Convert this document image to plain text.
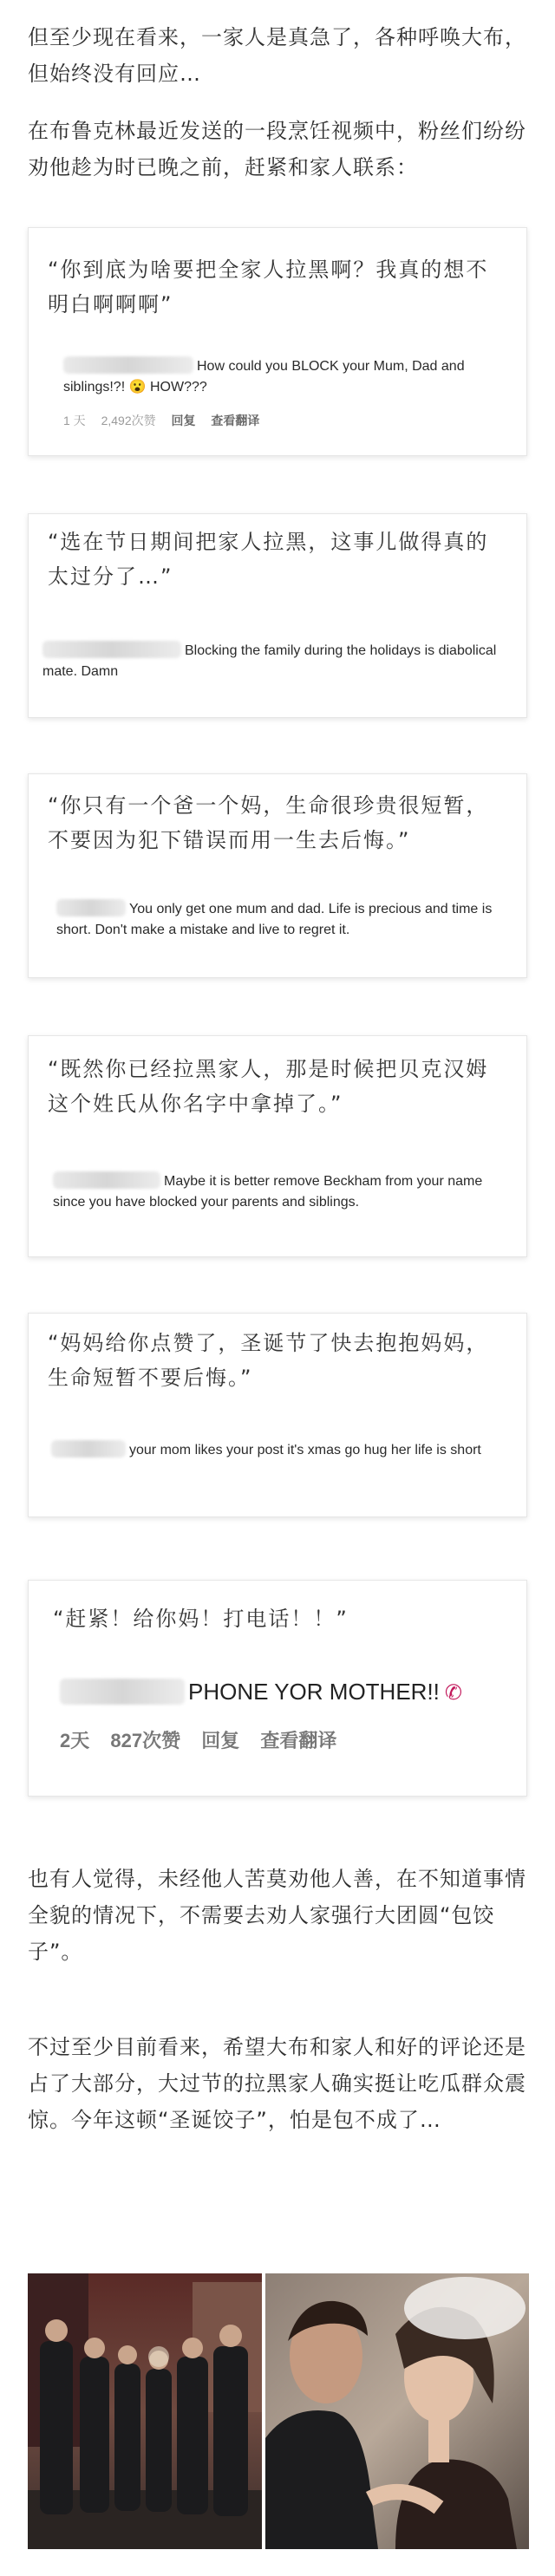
但至少现在看来，一家人是真急了，各种呼唤大布，但始终没有回应…

在布鲁克林最近发送的一段烹饪视频中，粉丝们纷纷劝他趁为时已晚之前，赶紧和家人联系：

“你到底为啥要把全家人拉黑啊？我真的想不明白啊啊啊”

How could you BLOCK your Mum, Dad and siblings!?! 😮 HOW???
1 天 2,492次赞 回复 查看翻译

“选在节日期间把家人拉黑，这事儿做得真的太过分了…”

Blocking the family during the holidays is diabolical mate. Damn

“你只有一个爸一个妈，生命很珍贵很短暂，不要因为犯下错误而用一生去后悔。”

You only get one mum and dad. Life is precious and time is short. Don't make a mistake and live to regret it.

“既然你已经拉黑家人，那是时候把贝克汉姆这个姓氏从你名字中拿掉了。”

Maybe it is better remove Beckham from your name since you have blocked your parents and siblings.

“妈妈给你点赞了，圣诞节了快去抱抱妈妈，生命短暂不要后悔。”

your mom likes your post it's xmas go hug her life is short

“赶紧！给你妈！打电话！！”

PHONE YOR MOTHER!! ✆
2天 827次赞 回复 查看翻译

也有人觉得，未经他人苦莫劝他人善，在不知道事情全貌的情况下，不需要去劝人家强行大团圆“包饺子”。

不过至少目前看来，希望大布和家人和好的评论还是占了大部分，大过节的拉黑家人确实挺让吃瓜群众震惊。今年这顿“圣诞饺子”，怕是包不成了…
